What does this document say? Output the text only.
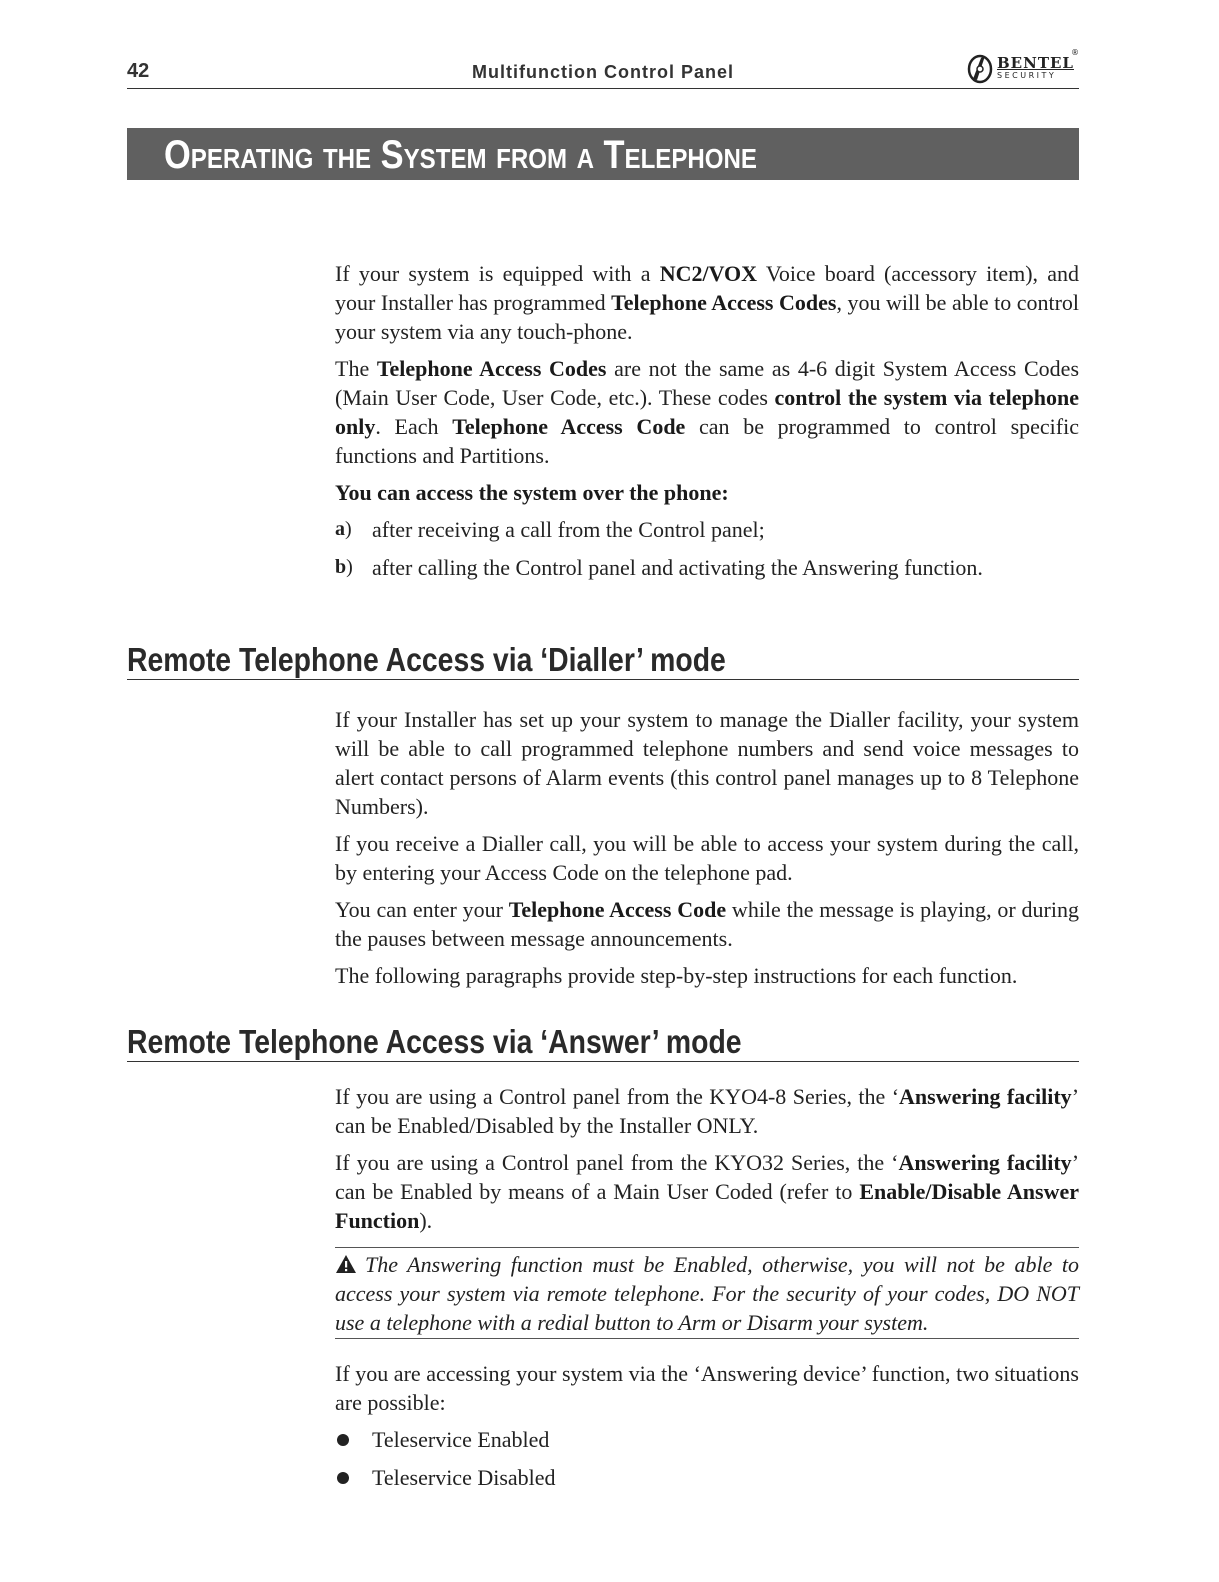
42	Multifunction Control Panel	BENTEL
SECURITY
®
Operating the System from a Telephone

If your system is equipped with a NC2/VOX Voice board (accessory item), and your Installer has programmed Telephone Access Codes, you will be able to control your system via any touch-phone.

The Telephone Access Codes are not the same as 4-6 digit System Access Codes (Main User Code, User Code, etc.). These codes control the system via telephone only. Each Telephone Access Code can be programmed to control specific functions and Partitions.

You can access the system over the phone:

a) after receiving a call from the Control panel;
b) after calling the Control panel and activating the Answering function.
Remote Telephone Access via ‘Dialler’ mode

If your Installer has set up your system to manage the Dialler facility, your system will be able to call programmed telephone numbers and send voice messages to alert contact persons of Alarm events (this control panel manages up to 8 Telephone Numbers).

If you receive a Dialler call, you will be able to access your system during the call, by entering your Access Code on the telephone pad.

You can enter your Telephone Access Code while the message is playing, or during the pauses between message announcements.

The following paragraphs provide step-by-step instructions for each function.

Remote Telephone Access via ‘Answer’ mode

If you are using a Control panel from the KYO4-8 Series, the ‘Answering facility’ can be Enabled/Disabled by the Installer ONLY.

If you are using a Control panel from the KYO32 Series, the ‘Answering facility’ can be Enabled by means of a Main User Coded (refer to Enable/Disable Answer Function).

The Answering function must be Enabled, otherwise, you will not be able to access your system via remote telephone. For the security of your codes, DO NOT use a telephone with a redial button to Arm or Disarm your system.

If you are accessing your system via the ‘Answering device’ function, two situations are possible:

Teleservice Enabled
Teleservice Disabled
